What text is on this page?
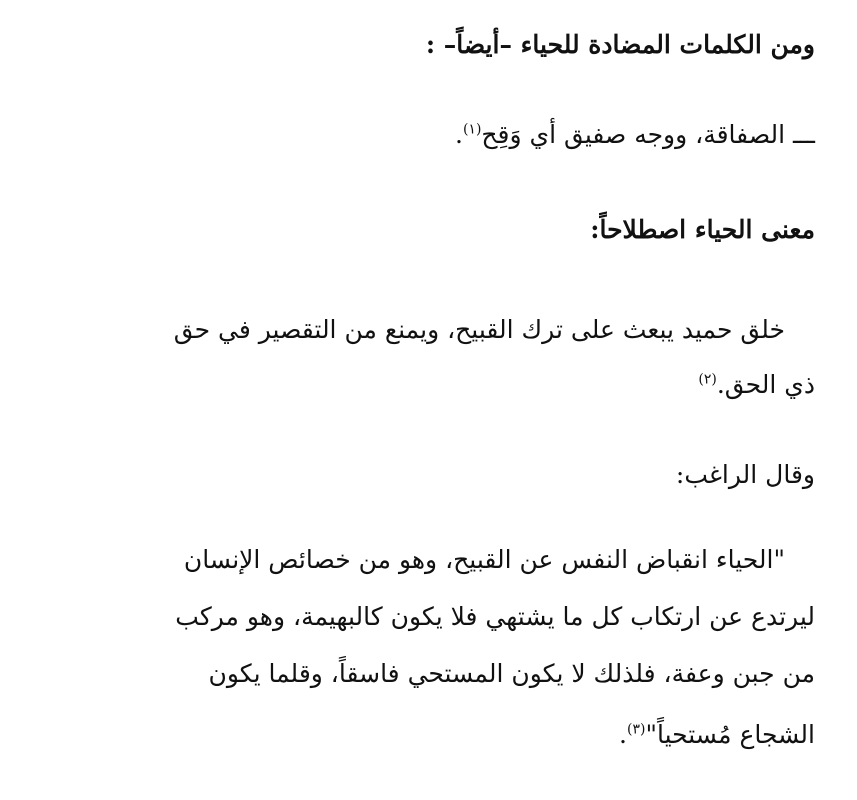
ومن الكلمات المضادة للحياء –أيضاً– :
ـــ الصفاقة، ووجه صفيق أي وَقِح$^{(١)}$.
معنى الحياء اصطلاحاً:
خلق حميد يبعث على ترك القبيح، ويمنع من التقصير في حق
ذي الحق.$^{(٢)}$
وقال الراغب:
"الحياء انقباض النفس عن القبيح، وهو من خصائص الإنسان
ليرتدع عن ارتكاب كل ما يشتهي فلا يكون كالبهيمة، وهو مركب
من جبن وعفة، فلذلك لا يكون المستحي فاسقاً، وقلما يكون
الشجاع مُستحياً"$^{(٣)}$.
